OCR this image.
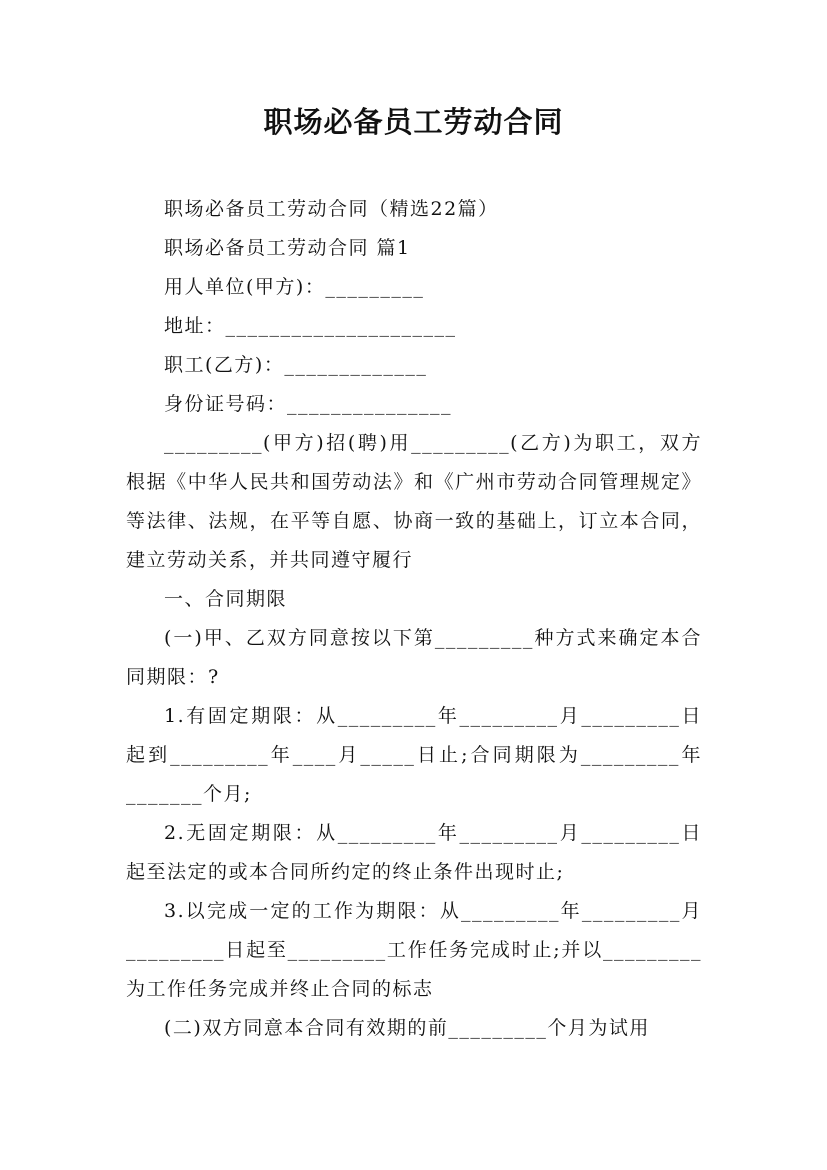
职场必备员工劳动合同

职场必备员工劳动合同（精选22篇）

职场必备员工劳动合同 篇1

用人单位(甲方)：_________

地址：_____________________

职工(乙方)：_____________

身份证号码：_______________

_________(甲方)招(聘)用_________(乙方)为职工，双方根据《中华人民共和国劳动法》和《广州市劳动合同管理规定》等法律、法规，在平等自愿、协商一致的基础上，订立本合同，建立劳动关系，并共同遵守履行

一、合同期限

(一)甲、乙双方同意按以下第_________种方式来确定本合同期限：?

1.有固定期限：从_________年_________月_________日起到_________年____月_____日止;合同期限为_________年_______个月;

2.无固定期限：从_________年_________月_________日起至法定的或本合同所约定的终止条件出现时止;

3.以完成一定的工作为期限：从_________年_________月_________日起至_________工作任务完成时止;并以_________为工作任务完成并终止合同的标志

(二)双方同意本合同有效期的前_________个月为试用
